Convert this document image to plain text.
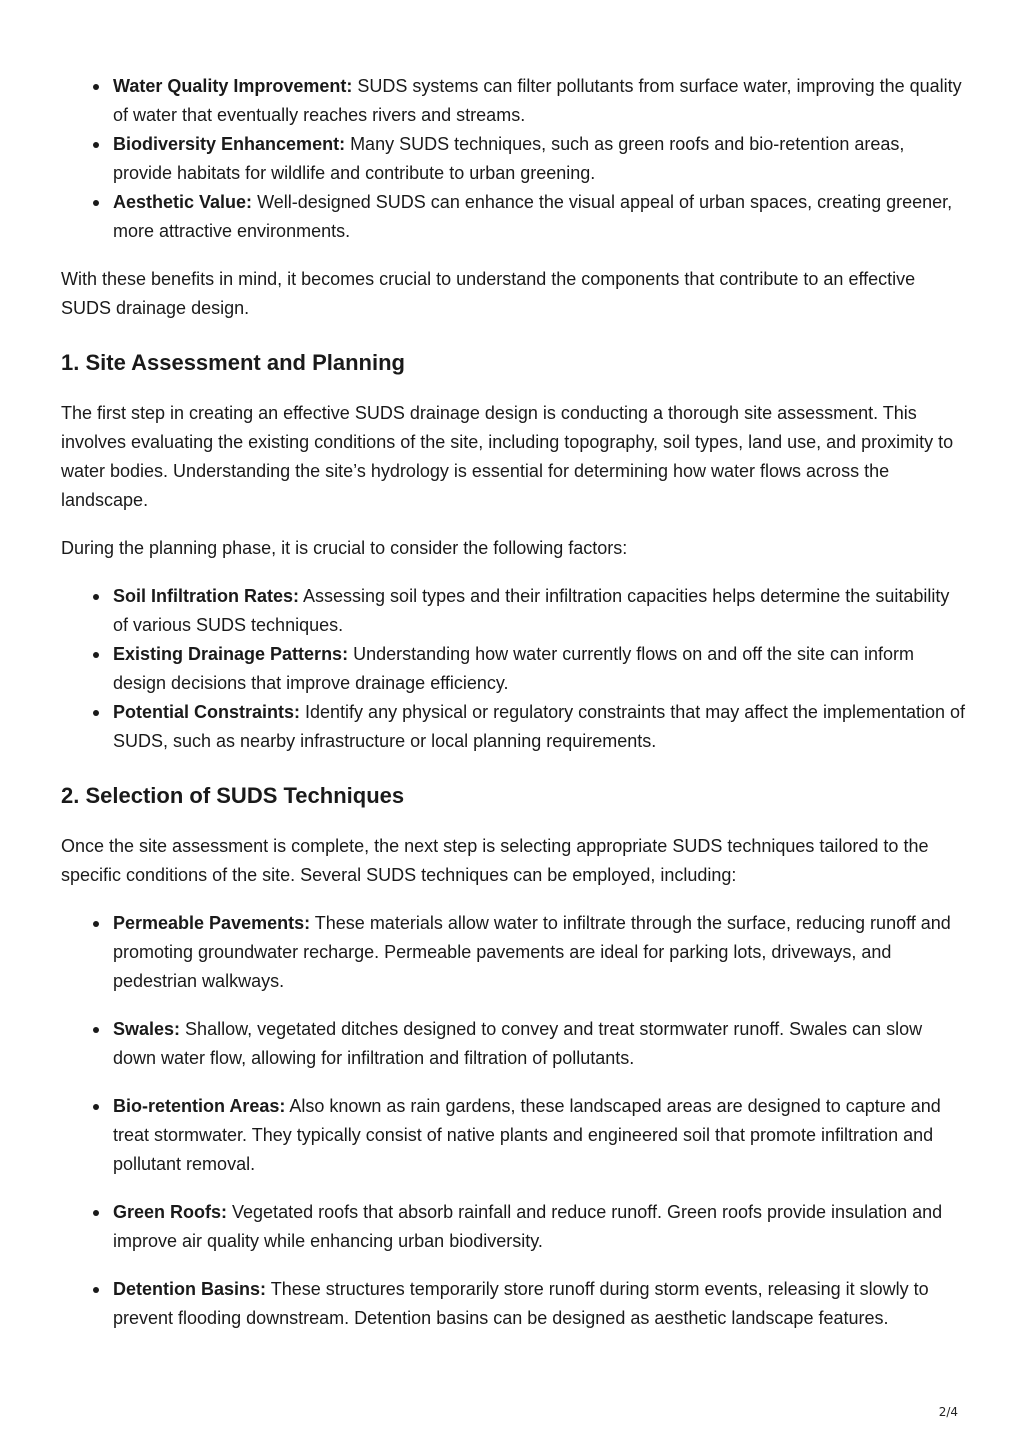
Water Quality Improvement: SUDS systems can filter pollutants from surface water, improving the quality of water that eventually reaches rivers and streams.
Biodiversity Enhancement: Many SUDS techniques, such as green roofs and bio-retention areas, provide habitats for wildlife and contribute to urban greening.
Aesthetic Value: Well-designed SUDS can enhance the visual appeal of urban spaces, creating greener, more attractive environments.

With these benefits in mind, it becomes crucial to understand the components that contribute to an effective SUDS drainage design.

1. Site Assessment and Planning

The first step in creating an effective SUDS drainage design is conducting a thorough site assessment. This involves evaluating the existing conditions of the site, including topography, soil types, land use, and proximity to water bodies. Understanding the site’s hydrology is essential for determining how water flows across the landscape.

During the planning phase, it is crucial to consider the following factors:

Soil Infiltration Rates: Assessing soil types and their infiltration capacities helps determine the suitability of various SUDS techniques.
Existing Drainage Patterns: Understanding how water currently flows on and off the site can inform design decisions that improve drainage efficiency.
Potential Constraints: Identify any physical or regulatory constraints that may affect the implementation of SUDS, such as nearby infrastructure or local planning requirements.
2. Selection of SUDS Techniques

Once the site assessment is complete, the next step is selecting appropriate SUDS techniques tailored to the specific conditions of the site. Several SUDS techniques can be employed, including:

Permeable Pavements: These materials allow water to infiltrate through the surface, reducing runoff and promoting groundwater recharge. Permeable pavements are ideal for parking lots, driveways, and pedestrian walkways.
Swales: Shallow, vegetated ditches designed to convey and treat stormwater runoff. Swales can slow down water flow, allowing for infiltration and filtration of pollutants.
Bio-retention Areas: Also known as rain gardens, these landscaped areas are designed to capture and treat stormwater. They typically consist of native plants and engineered soil that promote infiltration and pollutant removal.
Green Roofs: Vegetated roofs that absorb rainfall and reduce runoff. Green roofs provide insulation and improve air quality while enhancing urban biodiversity.
Detention Basins: These structures temporarily store runoff during storm events, releasing it slowly to prevent flooding downstream. Detention basins can be designed as aesthetic landscape features.
2/4
